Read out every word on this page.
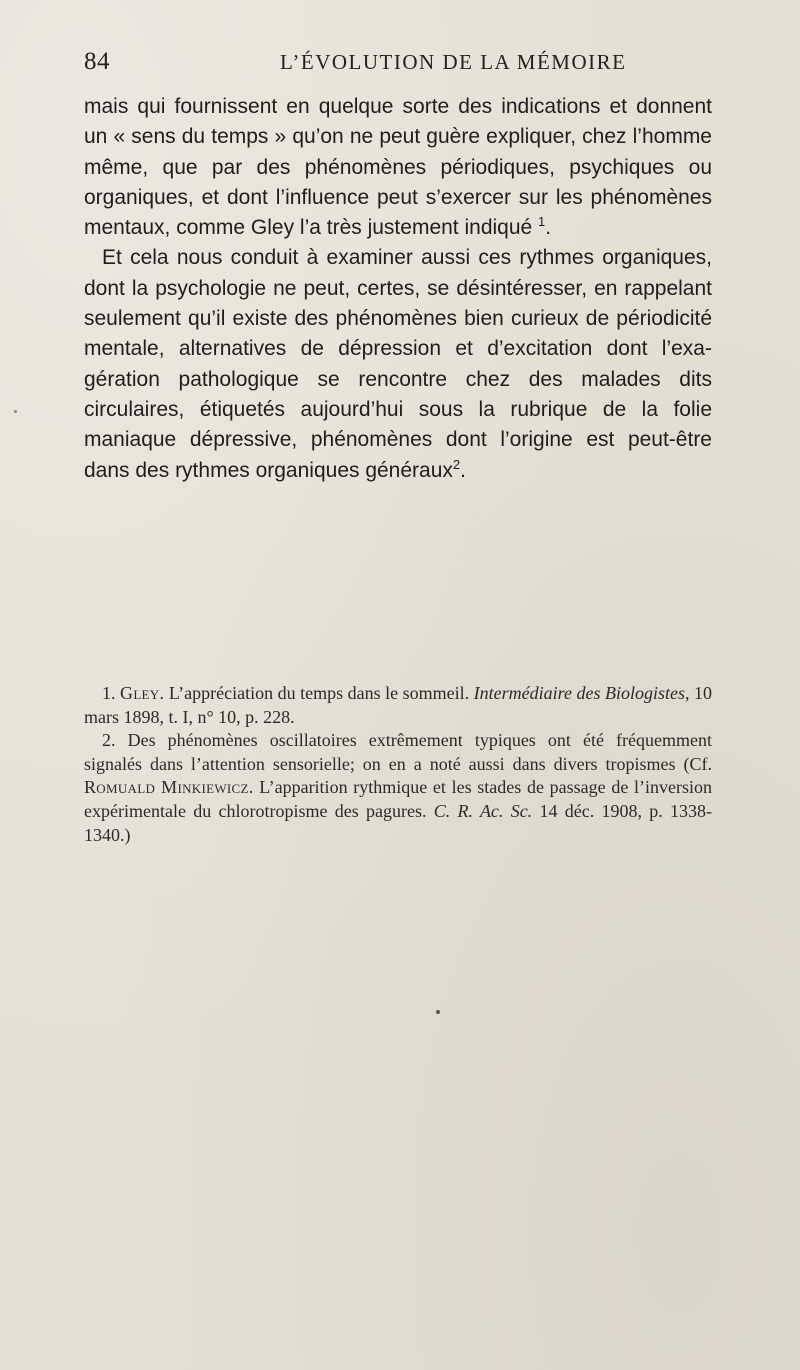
84	L’ÉVOLUTION DE LA MÉMOIRE

mais qui fournissent en quelque sorte des indications et donnent un « sens du temps » qu’on ne peut guère expliquer, chez l’homme même, que par des phénomènes périodiques, psychiques ou organiques, et dont l’influence peut s’exercer sur les phénomènes mentaux, comme Gley l’a très justement indiqué $^1$.

Et cela nous conduit à examiner aussi ces rythmes organiques, dont la psychologie ne peut, certes, se désintéresser, en rappelant seulement qu’il existe des phénomènes bien curieux de périodicité mentale, alternatives de dépression et d’excitation dont l’exagération pathologique se rencontre chez des malades dits circulaires, étiquetés aujourd’hui sous la rubrique de la folie maniaque dépressive, phénomènes dont l’origine est peut-être dans des rythmes organiques généraux$^2$.

1. Gley. L’appréciation du temps dans le sommeil. Intermédiaire des Biologistes, 10 mars 1898, t. I, n° 10, p. 228.

2. Des phénomènes oscillatoires extrêmement typiques ont été fréquemment signalés dans l’attention sensorielle; on en a noté aussi dans divers tropismes (Cf. Romuald Minkiewicz. L’apparition rythmique et les stades de passage de l’inversion expérimentale du chlorotropisme des pagures. C. R. Ac. Sc. 14 déc. 1908, p. 1338-1340.)
